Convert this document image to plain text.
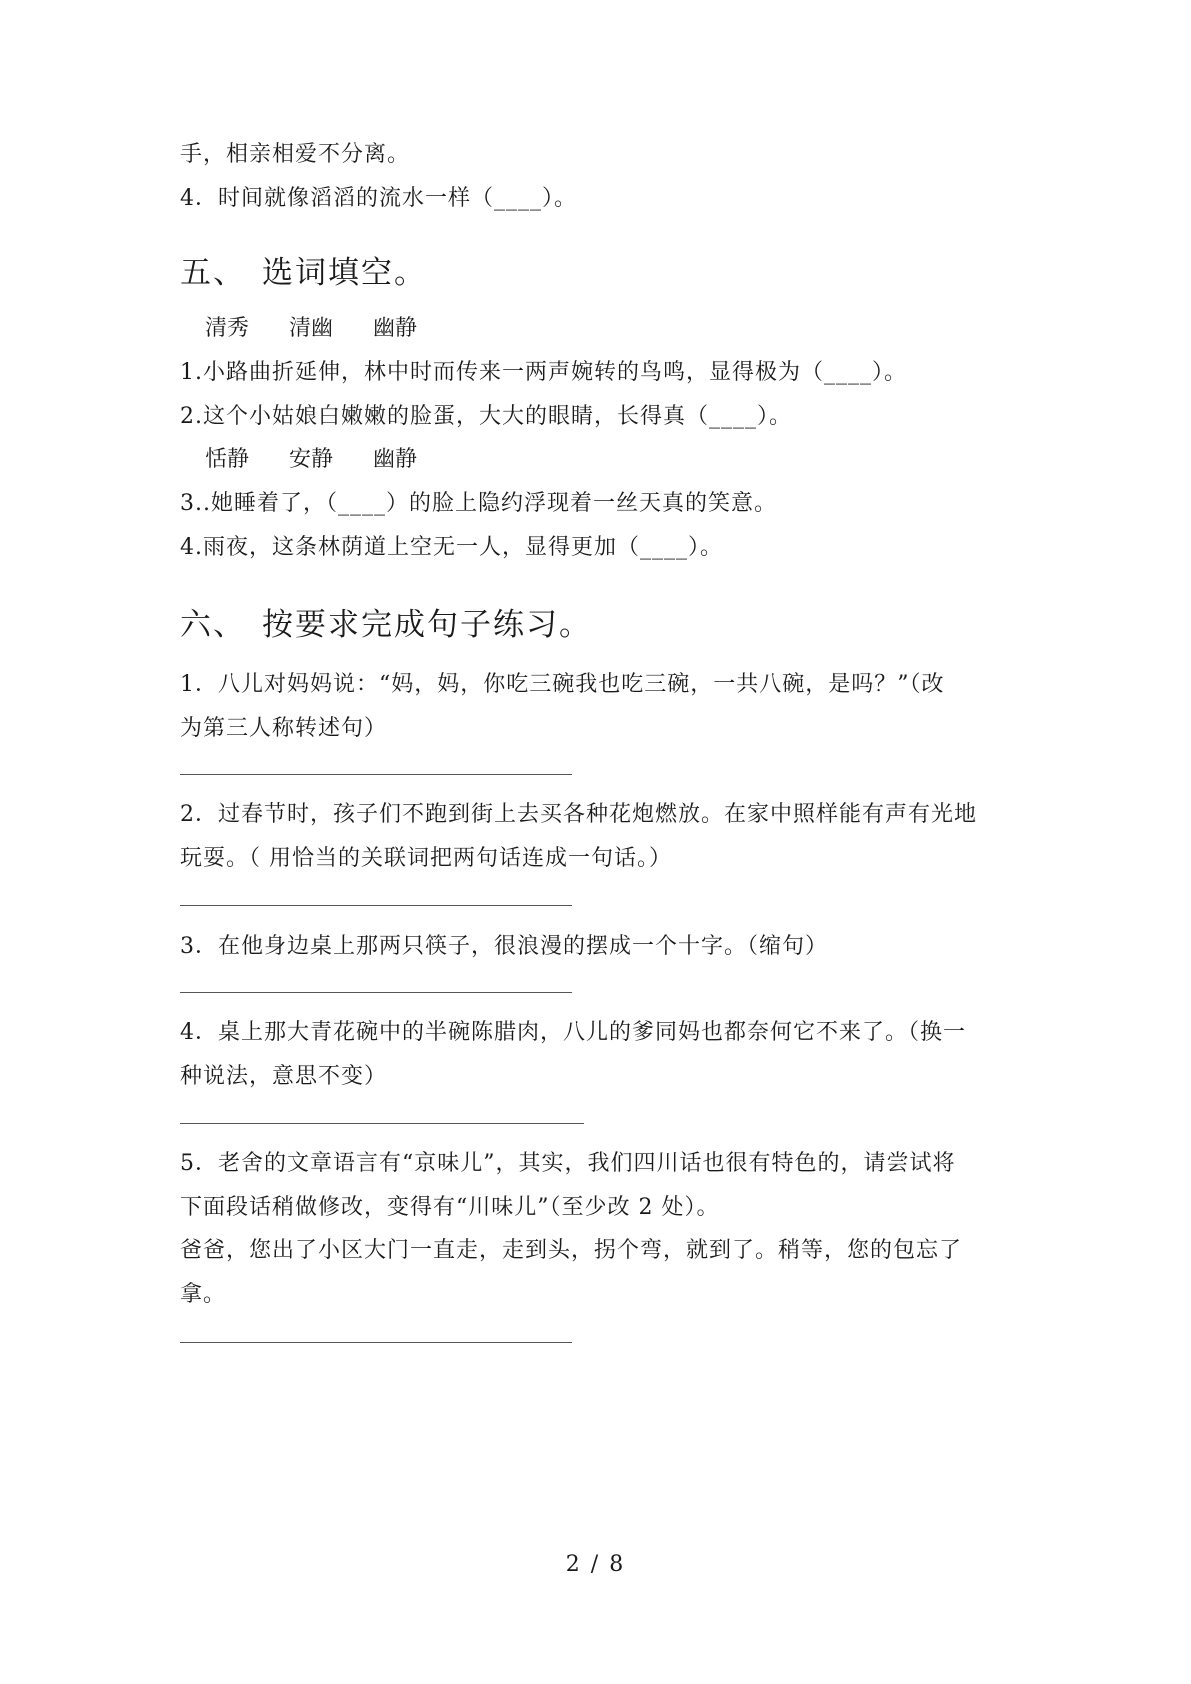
手，相亲相爱不分离。
4．时间就像滔滔的流水一样（____）。
五、 选词填空。
清秀 清幽 幽静
1.小路曲折延伸，林中时而传来一两声婉转的鸟鸣，显得极为（____）。
2.这个小姑娘白嫩嫩的脸蛋，大大的眼睛，长得真（____）。
恬静 安静 幽静
3..她睡着了，（____）的脸上隐约浮现着一丝天真的笑意。
4.雨夜，这条林荫道上空无一人，显得更加（____）。
六、 按要求完成句子练习。
1．八儿对妈妈说：“妈，妈，你吃三碗我也吃三碗，一共八碗，是吗？”（改
为第三人称转述句）
2．过春节时，孩子们不跑到街上去买各种花炮燃放。在家中照样能有声有光地
玩耍。（ 用恰当的关联词把两句话连成一句话。）
3．在他身边桌上那两只筷子，很浪漫的摆成一个十字。（缩句）
4．桌上那大青花碗中的半碗陈腊肉，八儿的爹同妈也都奈何它不来了。（换一
种说法，意思不变）
5．老舍的文章语言有“京味儿”，其实，我们四川话也很有特色的，请尝试将
下面段话稍做修改，变得有“川味儿”（至少改 2 处）。
爸爸，您出了小区大门一直走，走到头，拐个弯，就到了。稍等，您的包忘了
拿。
2 / 8
